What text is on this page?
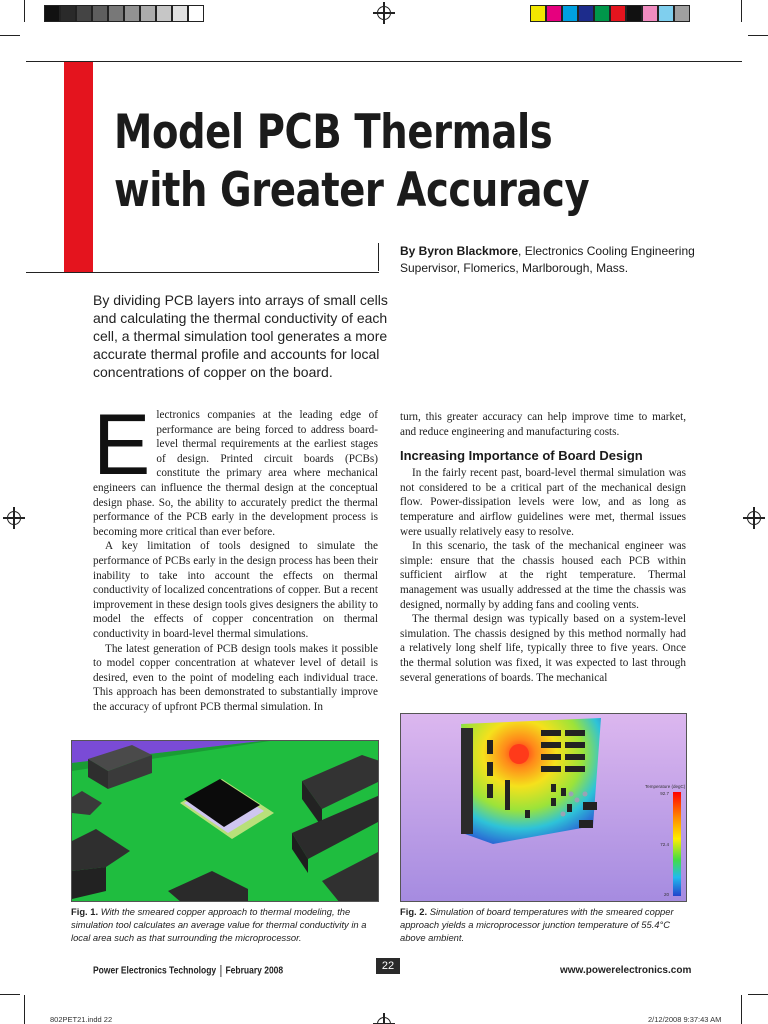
Model PCB Thermals
with Greater Accuracy
By Byron Blackmore, Electronics Cooling Engineering Supervisor, Flomerics, Marlborough, Mass.
By dividing PCB layers into arrays of small cells and calculating the thermal conductivity of each cell, a thermal simulation tool generates a more accurate thermal profile and accounts for local concentrations of copper on the board.

Electronics companies at the leading edge of performance are being forced to address board-level thermal requirements at the earliest stages of design. Printed circuit boards (PCBs) constitute the primary area where mechanical engineers can influence the thermal design at the conceptual design phase. So, the ability to accurately predict the thermal performance of the PCB early in the development process is becoming more critical than ever before.

A key limitation of tools designed to simulate the performance of PCBs early in the design process has been their inability to take into account the effects on thermal conductivity of localized concentrations of copper. But a recent improvement in these design tools gives designers the ability to model the effects of copper concentration on thermal conductivity in board-level thermal simulations.

The latest generation of PCB design tools makes it possible to model copper concentration at whatever level of detail is desired, even to the point of modeling each individual trace. This approach has been demonstrated to substantially improve the accuracy of upfront PCB thermal simulation. In

turn, this greater accuracy can help improve time to market, and reduce engineering and manufacturing costs.

Increasing Importance of Board Design

In the fairly recent past, board-level thermal simulation was not considered to be a critical part of the mechanical design flow. Power-dissipation levels were low, and as long as temperature and airflow guidelines were met, thermal issues were usually relatively easy to resolve.

In this scenario, the task of the mechanical engineer was simple: ensure that the chassis housed each PCB within sufficient airflow at the right temperature. Thermal management was usually addressed at the time the chassis was designed, normally by adding fans and cooling vents.

The thermal design was typically based on a system-level simulation. The chassis designed by this method normally had a relatively long shelf life, typically three to five years. Once the thermal solution was fixed, it was expected to last through several generations of boards. The mechanical

Fig. 1. With the smeared copper approach to thermal modeling, the simulation tool calculates an average value for thermal conductivity in a local area such as that surrounding the microprocessor.
Temperature (degC)
92.7
72.4
20
Fig. 2. Simulation of board temperatures with the smeared copper approach yields a microprocessor junction temperature of 55.4°C above ambient.
Power Electronics Technology February 2008	22	www.powerelectronics.com
802PET21.indd 22	2/12/2008 9:37:43 AM
